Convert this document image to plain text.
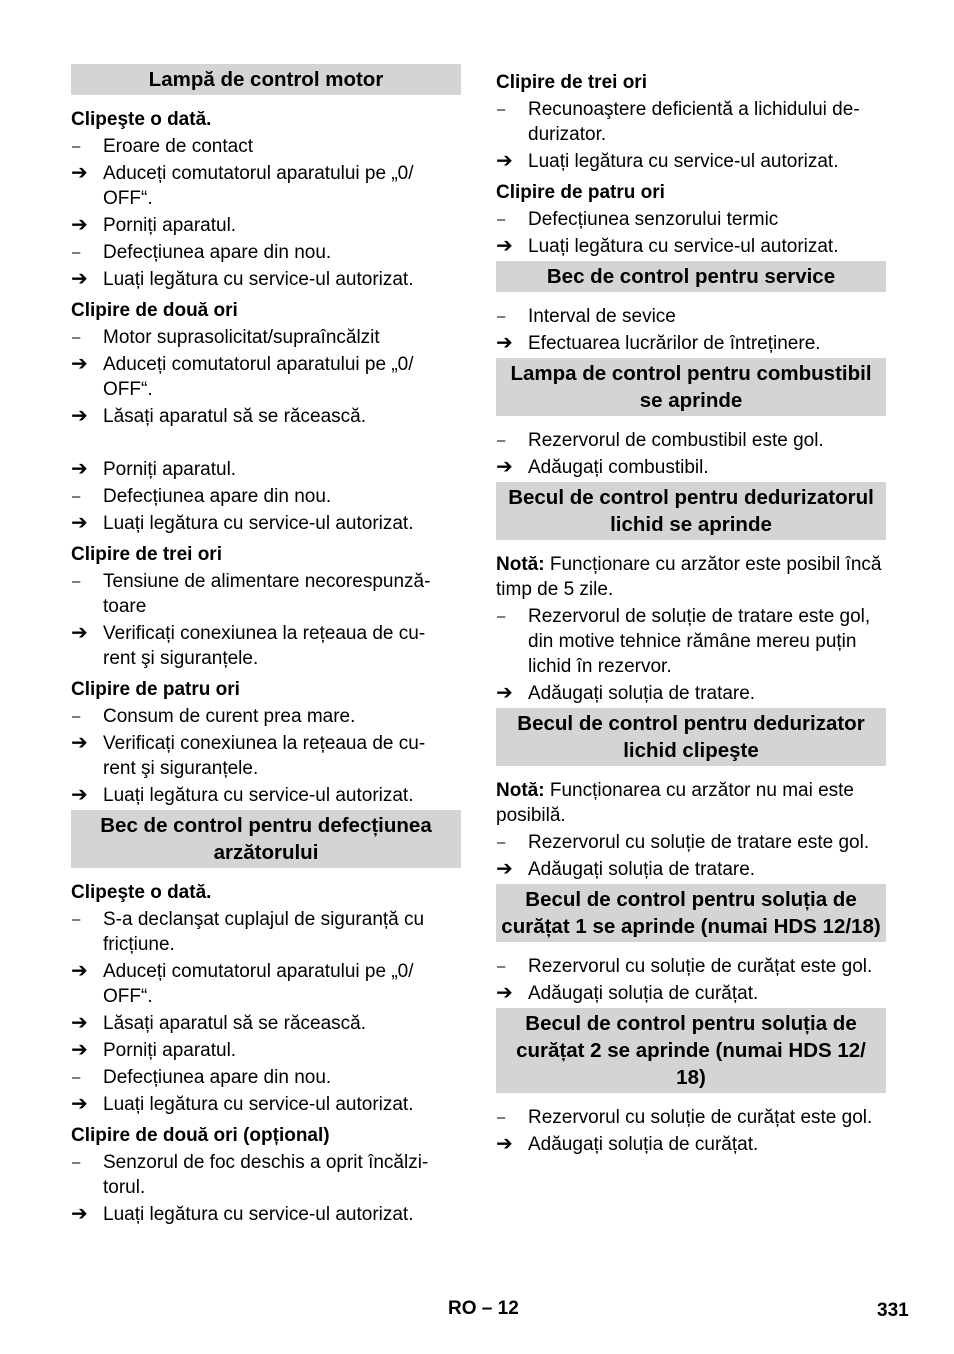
Lampă de control motor
Clipeşte o dată.
–	Eroare de contact
➔ Aduceți comutatorul aparatului pe „0/ OFF“.
➔ Porniți aparatul.
–	Defecțiunea apare din nou.
➔ Luați legătura cu service-ul autorizat.
Clipire de două ori
–	Motor suprasolicitat/supraîncălzit
➔ Aduceți comutatorul aparatului pe „0/ OFF“.
➔ Lăsați aparatul să se răcească.
➔ Porniți aparatul.
–	Defecțiunea apare din nou.
➔ Luați legătura cu service-ul autorizat.
Clipire de trei ori
–	Tensiune de alimentare necorespunză- toare
➔ Verificați conexiunea la rețeaua de cu- rent şi siguranțele.
Clipire de patru ori
–	Consum de curent prea mare.
➔ Verificați conexiunea la rețeaua de cu- rent şi siguranțele.
➔ Luați legătura cu service-ul autorizat.
Bec de control pentru defecțiunea arzătorului
Clipeşte o dată.
–	S-a declanşat cuplajul de siguranță cu fricțiune.
➔ Aduceți comutatorul aparatului pe „0/ OFF“.
➔ Lăsați aparatul să se răcească.
➔ Porniți aparatul.
–	Defecțiunea apare din nou.
➔ Luați legătura cu service-ul autorizat.
Clipire de două ori (opțional)
–	Senzorul de foc deschis a oprit încălzi- torul.
➔ Luați legătura cu service-ul autorizat.
Clipire de trei ori
–	Recunoaştere deficientă a lichidului de- durizator.
➔ Luați legătura cu service-ul autorizat.
Clipire de patru ori
–	Defecțiunea senzorului termic
➔ Luați legătura cu service-ul autorizat.
Bec de control pentru service
–	Interval de sevice
➔ Efectuarea lucrărilor de întreținere.
Lampa de control pentru combustibil se aprinde
–	Rezervorul de combustibil este gol.
➔ Adăugați combustibil.
Becul de control pentru dedurizatorul lichid se aprinde
Notă: Funcționare cu arzător este posibil încă timp de 5 zile.
–	Rezervorul de soluție de tratare este gol, din motive tehnice rămâne mereu puțin lichid în rezervor.
➔ Adăugați soluția de tratare.
Becul de control pentru dedurizator lichid clipeşte
Notă: Funcționarea cu arzător nu mai este posibilă.
–	Rezervorul cu soluție de tratare este gol.
➔ Adăugați soluția de tratare.
Becul de control pentru soluția de curățat 1 se aprinde (numai HDS 12/18)
–	Rezervorul cu soluție de curățat este gol.
➔ Adăugați soluția de curățat.
Becul de control pentru soluția de curățat 2 se aprinde (numai HDS 12/ 18)
–	Rezervorul cu soluție de curățat este gol.
➔ Adăugați soluția de curățat.
RO – 12	331
